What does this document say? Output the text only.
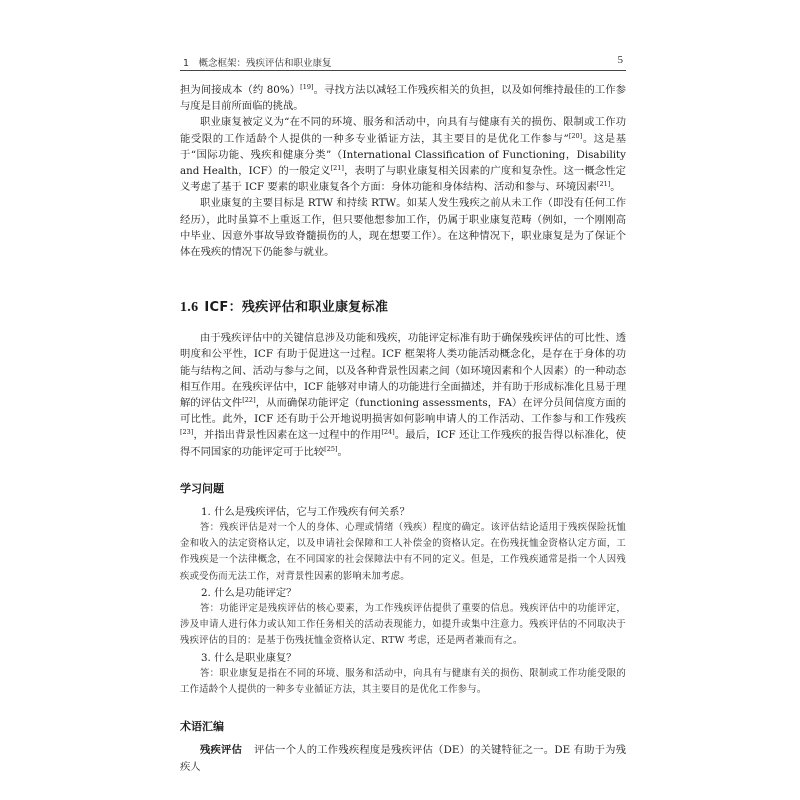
1　概念框架：残疾评估和职业康复	5

担为间接成本（约 80%）[19]。寻找方法以减轻工作残疾相关的负担，以及如何维持最佳的工作参与度是目前所面临的挑战。

职业康复被定义为“在不同的环境、服务和活动中，向具有与健康有关的损伤、限制或工作功能受限的工作适龄个人提供的一种多专业循证方法，其主要目的是优化工作参与”[20]。这是基于“国际功能、残疾和健康分类”（International Classification of Functioning，Disability and Health，ICF）的一般定义[21]，表明了与职业康复相关因素的广度和复杂性。这一概念性定义考虑了基于 ICF 要素的职业康复各个方面：身体功能和身体结构、活动和参与、环境因素[21]。

职业康复的主要目标是 RTW 和持续 RTW。如某人发生残疾之前从未工作（即没有任何工作经历），此时虽算不上重返工作，但只要他想参加工作，仍属于职业康复范畴（例如，一个刚刚高中毕业、因意外事故导致脊髓损伤的人，现在想要工作）。在这种情况下，职业康复是为了保证个体在残疾的情况下仍能参与就业。

1.6 ICF：残疾评估和职业康复标准

由于残疾评估中的关键信息涉及功能和残疾，功能评定标准有助于确保残疾评估的可比性、透明度和公平性，ICF 有助于促进这一过程。ICF 框架将人类功能活动概念化，是存在于身体的功能与结构之间、活动与参与之间，以及各种背景性因素之间（如环境因素和个人因素）的一种动态相互作用。在残疾评估中，ICF 能够对申请人的功能进行全面描述，并有助于形成标准化且易于理解的评估文件[22]，从而确保功能评定（functioning assessments，FA）在评分员间信度方面的可比性。此外，ICF 还有助于公开地说明损害如何影响申请人的工作活动、工作参与和工作残疾[23]，并指出背景性因素在这一过程中的作用[24]。最后，ICF 还让工作残疾的报告得以标准化，使得不同国家的功能评定可于比较[25]。

学习问题

1. 什么是残疾评估，它与工作残疾有何关系？

答：残疾评估是对一个人的身体、心理或情绪（残疾）程度的确定。该评估结论适用于残疾保险抚恤金和收入的法定资格认定，以及申请社会保障和工人补偿金的资格认定。在伤残抚恤金资格认定方面，工作残疾是一个法律概念，在不同国家的社会保障法中有不同的定义。但是，工作残疾通常是指一个人因残疾或受伤而无法工作，对背景性因素的影响未加考虑。

2. 什么是功能评定？

答：功能评定是残疾评估的核心要素，为工作残疾评估提供了重要的信息。残疾评估中的功能评定，涉及申请人进行体力或认知工作任务相关的活动表现能力，如提升或集中注意力。残疾评估的不同取决于残疾评估的目的：是基于伤残抚恤金资格认定、RTW 考虑，还是两者兼而有之。

3. 什么是职业康复？

答：职业康复是指在不同的环境、服务和活动中，向具有与健康有关的损伤、限制或工作功能受限的工作适龄个人提供的一种多专业循证方法，其主要目的是优化工作参与。

术语汇编

残疾评估 评估一个人的工作残疾程度是残疾评估（DE）的关键特征之一。DE 有助于为残疾人
